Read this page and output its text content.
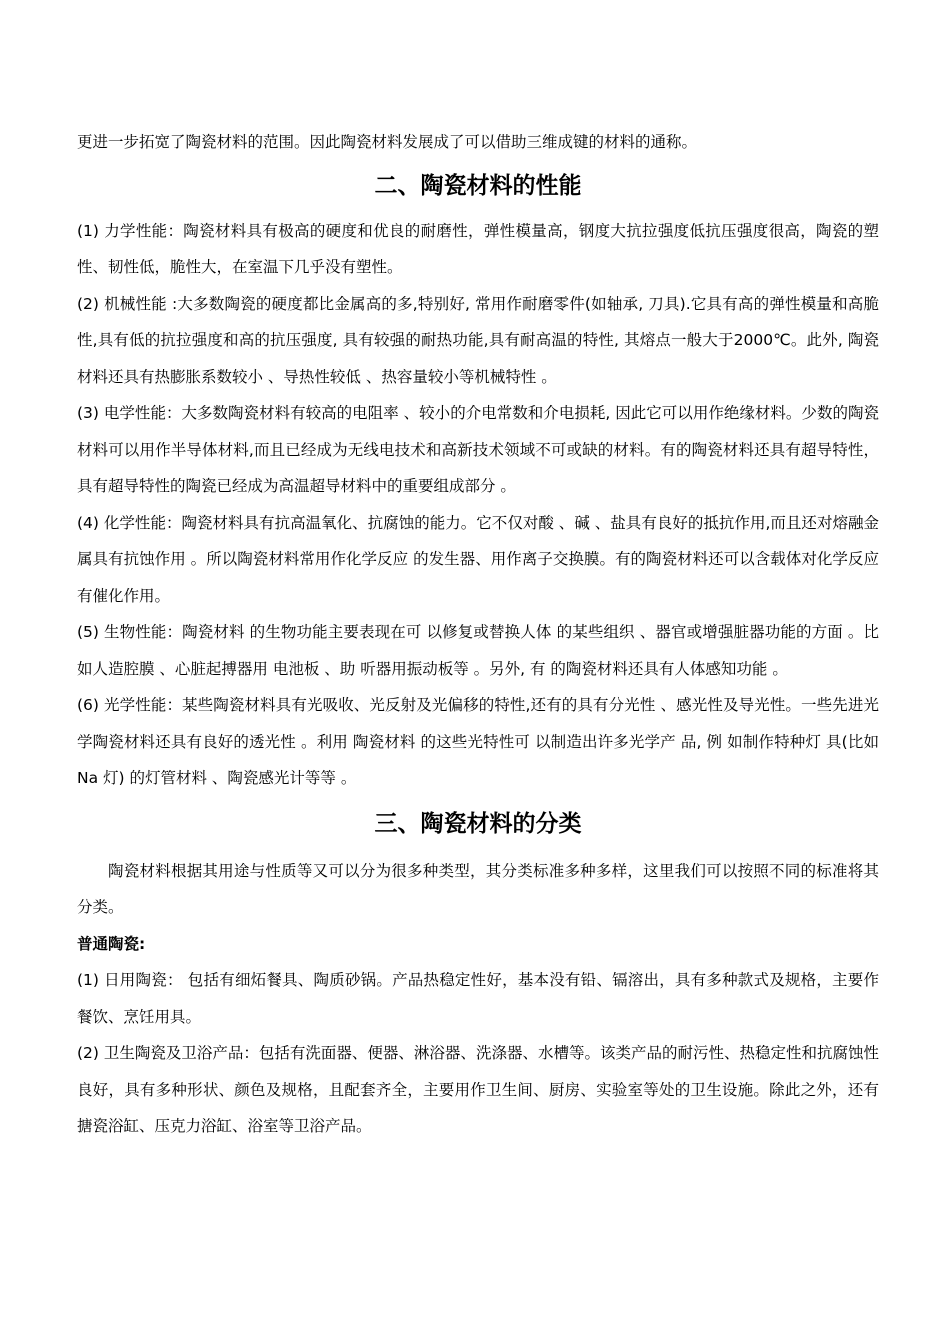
更进一步拓宽了陶瓷材料的范围。因此陶瓷材料发展成了可以借助三维成键的材料的通称。

二、陶瓷材料的性能

(1) 力学性能：陶瓷材料具有极高的硬度和优良的耐磨性，弹性模量高，钢度大抗拉强度低抗压强度很高，陶瓷的塑性、韧性低，脆性大，在室温下几乎没有塑性。

(2) 机械性能 :大多数陶瓷的硬度都比金属高的多,特别好, 常用作耐磨零件(如轴承, 刀具).它具有高的弹性模量和高脆性,具有低的抗拉强度和高的抗压强度, 具有较强的耐热功能,具有耐高温的特性, 其熔点一般大于2000℃。此外, 陶瓷材料还具有热膨胀系数较小 、导热性较低 、热容量较小等机械特性 。

(3) 电学性能：大多数陶瓷材料有较高的电阻率 、较小的介电常数和介电损耗, 因此它可以用作绝缘材料。少数的陶瓷材料可以用作半导体材料,而且已经成为无线电技术和高新技术领域不可或缺的材料。有的陶瓷材料还具有超导特性，具有超导特性的陶瓷已经成为高温超导材料中的重要组成部分 。

(4) 化学性能：陶瓷材料具有抗高温氧化、抗腐蚀的能力。它不仅对酸 、碱 、盐具有良好的抵抗作用,而且还对熔融金属具有抗蚀作用 。所以陶瓷材料常用作化学反应 的发生器、用作离子交换膜。有的陶瓷材料还可以含载体对化学反应有催化作用。

(5) 生物性能：陶瓷材料 的生物功能主要表现在可 以修复或替换人体 的某些组织 、器官或增强脏器功能的方面 。比如人造腔膜 、心脏起搏器用 电池板 、助 听器用振动板等 。另外, 有 的陶瓷材料还具有人体感知功能 。

(6) 光学性能：某些陶瓷材料具有光吸收、光反射及光偏移的特性,还有的具有分光性 、感光性及导光性。一些先进光学陶瓷材料还具有良好的透光性 。利用 陶瓷材料 的这些光特性可 以制造出许多光学产 品, 例 如制作特种灯 具(比如 Na 灯) 的灯管材料 、陶瓷感光计等等 。

三、陶瓷材料的分类

陶瓷材料根据其用途与性质等又可以分为很多种类型，其分类标准多种多样，这里我们可以按照不同的标准将其分类。

普通陶瓷:

(1) 日用陶瓷： 包括有细炻餐具、陶质砂锅。产品热稳定性好，基本没有铅、镉溶出，具有多种款式及规格，主要作餐饮、烹饪用具。

(2) 卫生陶瓷及卫浴产品：包括有洗面器、便器、淋浴器、洗涤器、水槽等。该类产品的耐污性、热稳定性和抗腐蚀性良好，具有多种形状、颜色及规格，且配套齐全，主要用作卫生间、厨房、实验室等处的卫生设施。除此之外，还有搪瓷浴缸、压克力浴缸、浴室等卫浴产品。
